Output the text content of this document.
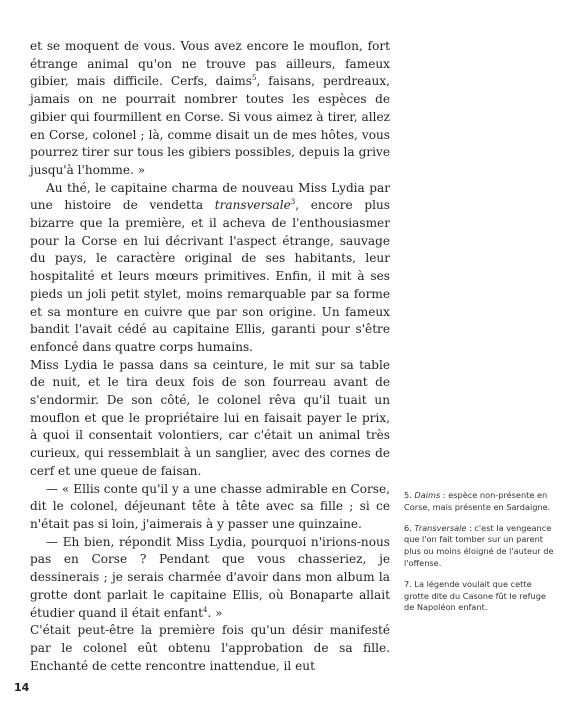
et se moquent de vous. Vous avez encore le mouflon, fort étrange animal qu'on ne trouve pas ailleurs, fameux gibier, mais difficile. Cerfs, daims$^5$, faisans, perdreaux, jamais on ne pourrait nombrer toutes les espèces de gibier qui fourmillent en Corse. Si vous aimez à tirer, allez en Corse, colonel ; là, comme disait un de mes hôtes, vous pourrez tirer sur tous les gibiers possibles, depuis la grive jusqu'à l'homme. »

Au thé, le capitaine charma de nouveau Miss Lydia par une histoire de vendetta transversale$^3$, encore plus bizarre que la première, et il acheva de l'enthousiasmer pour la Corse en lui décrivant l'aspect étrange, sauvage du pays, le caractère original de ses habitants, leur hospitalité et leurs mœurs primitives. Enfin, il mit à ses pieds un joli petit stylet, moins remarquable par sa forme et sa monture en cuivre que par son origine. Un fameux bandit l'avait cédé au capitaine Ellis, garanti pour s'être enfoncé dans quatre corps humains.

Miss Lydia le passa dans sa ceinture, le mit sur sa table de nuit, et le tira deux fois de son fourreau avant de s'endormir. De son côté, le colonel rêva qu'il tuait un mouflon et que le propriétaire lui en faisait payer le prix, à quoi il consentait volontiers, car c'était un animal très curieux, qui ressemblait à un sanglier, avec des cornes de cerf et une queue de faisan.

— « Ellis conte qu'il y a une chasse admirable en Corse, dit le colonel, déjeunant tête à tête avec sa fille ; si ce n'était pas si loin, j'aimerais à y passer une quinzaine.

— Eh bien, répondit Miss Lydia, pourquoi n'irions-nous pas en Corse ? Pendant que vous chasseriez, je dessinerais ; je serais charmée d'avoir dans mon album la grotte dont parlait le capitaine Ellis, où Bonaparte allait étudier quand il était enfant$^4$. »

C'était peut-être la première fois qu'un désir manifesté par le colonel eût obtenu l'approbation de sa fille. Enchanté de cette rencontre inattendue, il eut

5. Daims : espèce non-présente en Corse, mais présente en Sardaigne.

6. Transversale : c'est la vengeance que l'on fait tomber sur un parent plus ou moins éloigné de l'auteur de l'offense.

7. La légende voulait que cette grotte dite du Casone fût le refuge de Napoléon enfant.

14
